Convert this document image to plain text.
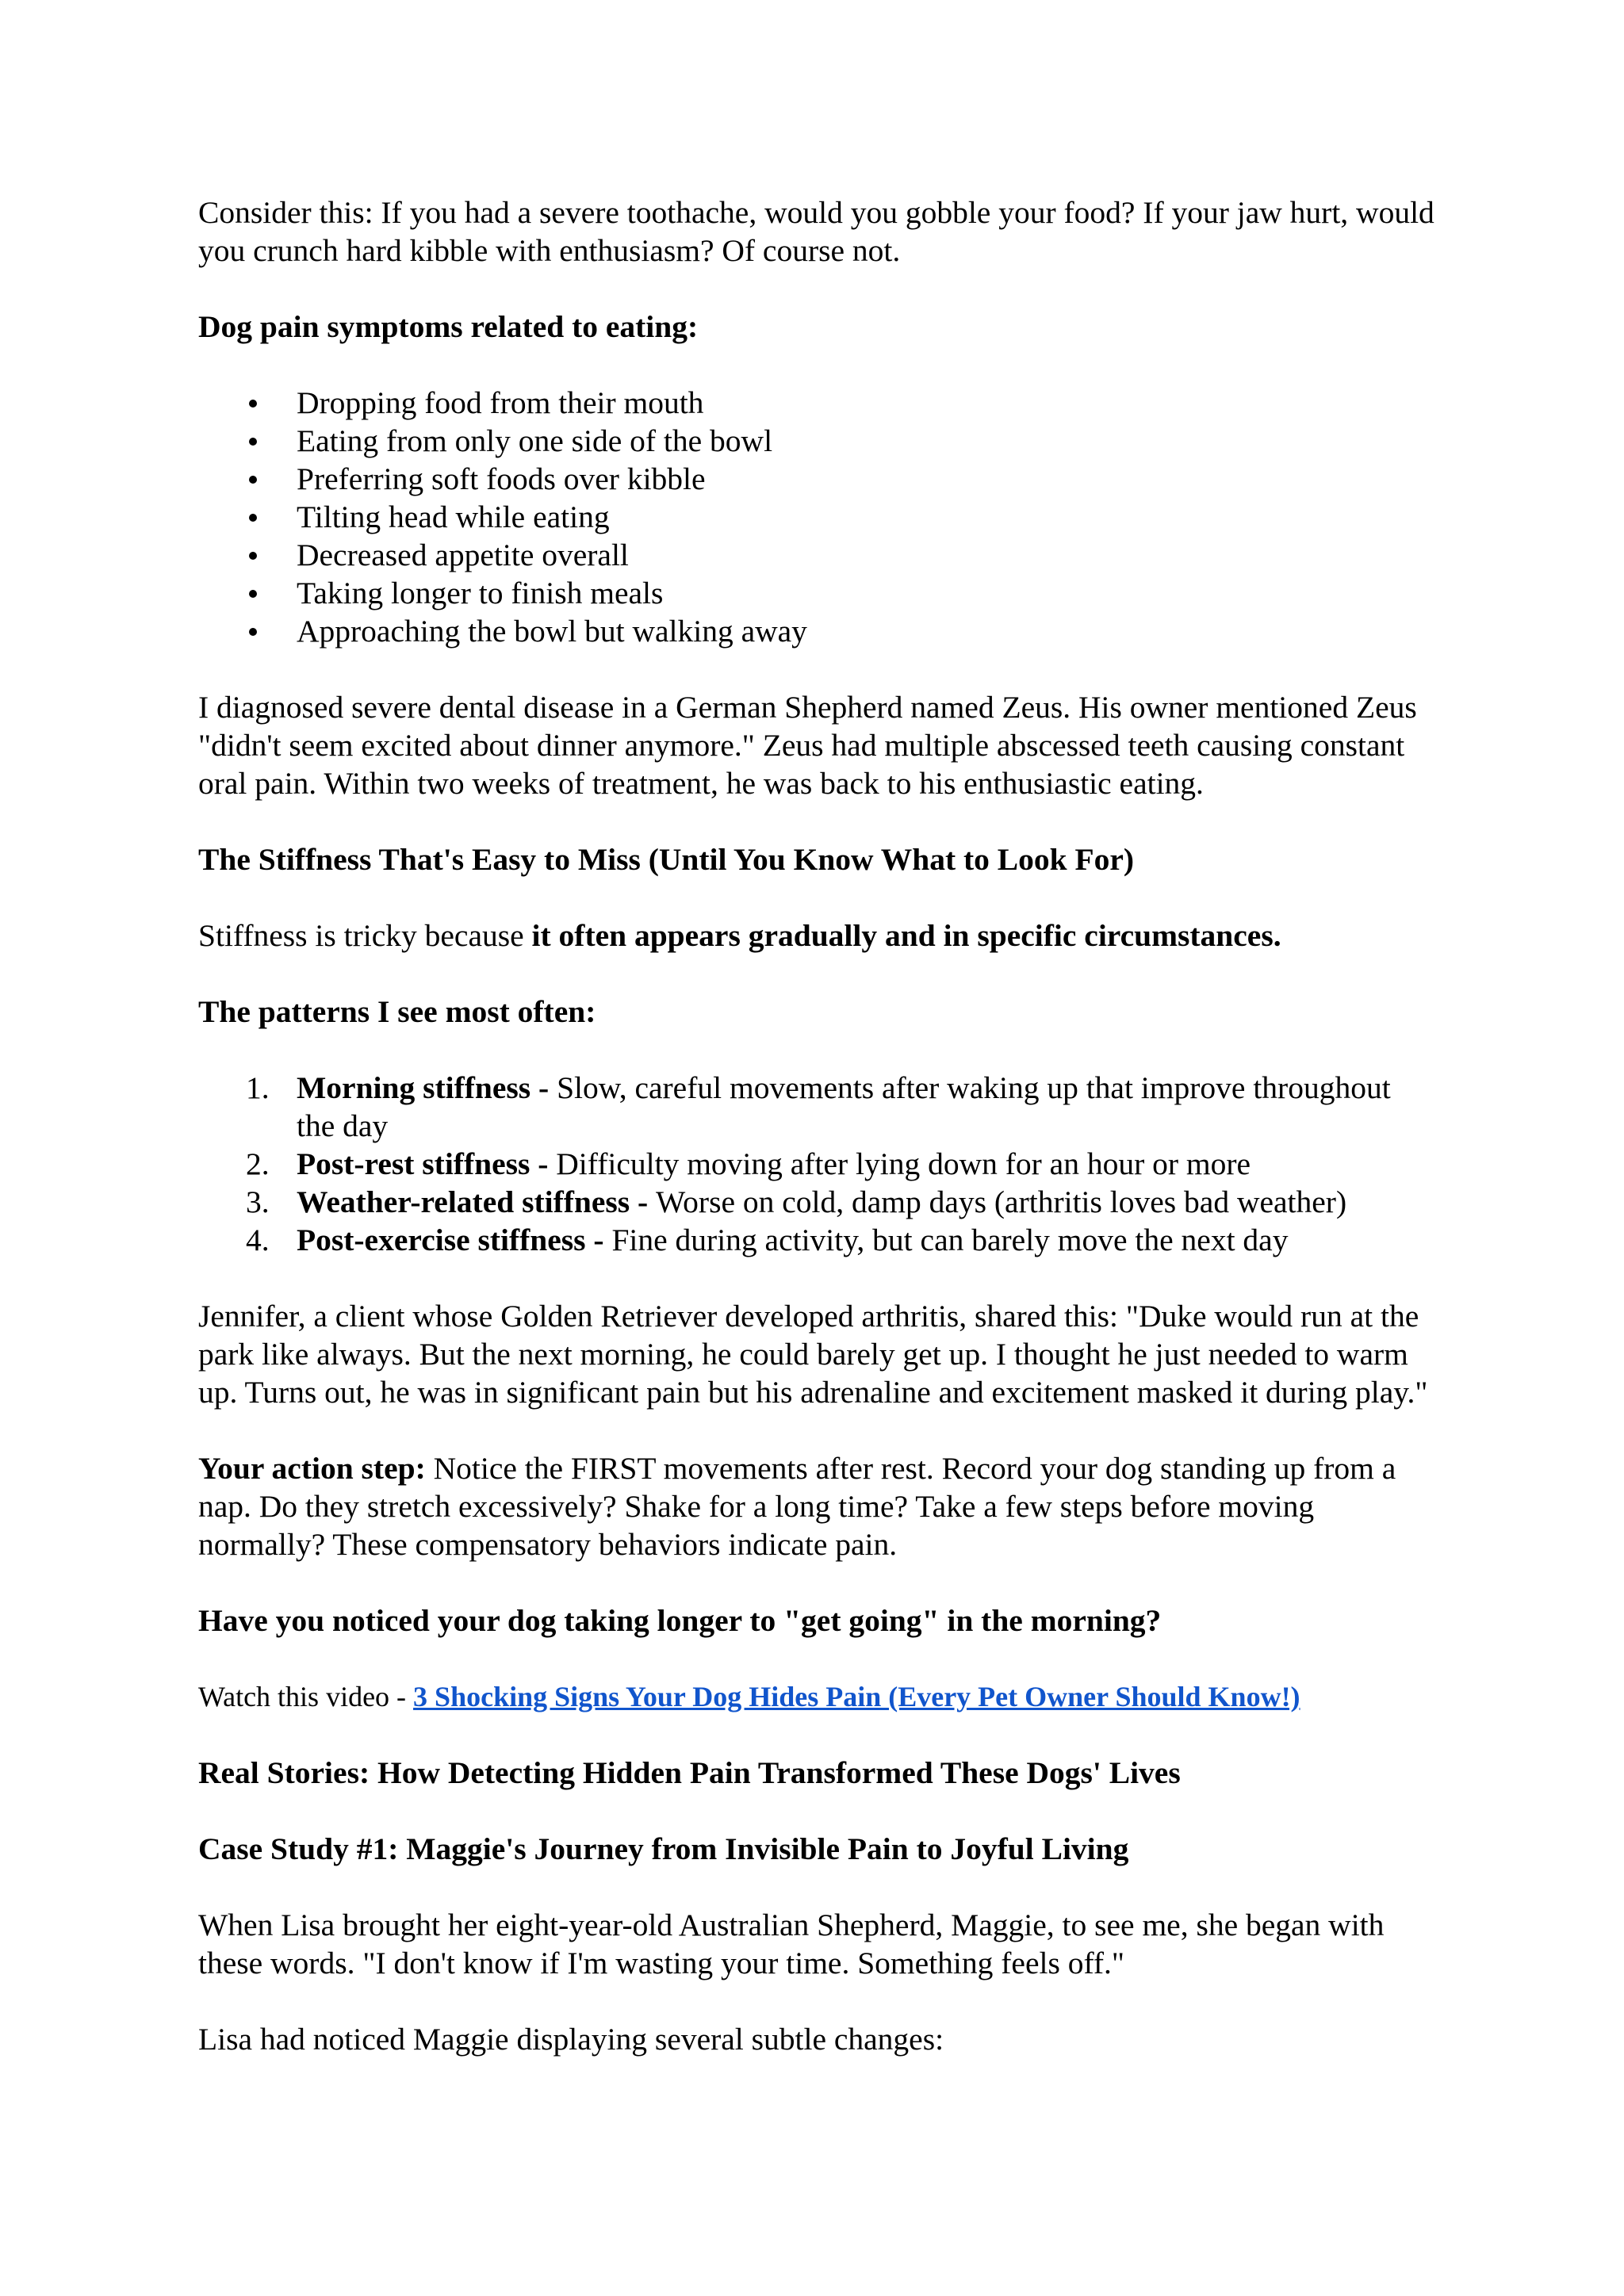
Consider this: If you had a severe toothache, would you gobble your food? If your jaw hurt, would you crunch hard kibble with enthusiasm? Of course not.

Dog pain symptoms related to eating:

Dropping food from their mouth
Eating from only one side of the bowl
Preferring soft foods over kibble
Tilting head while eating
Decreased appetite overall
Taking longer to finish meals
Approaching the bowl but walking away

I diagnosed severe dental disease in a German Shepherd named Zeus. His owner mentioned Zeus "didn't seem excited about dinner anymore." Zeus had multiple abscessed teeth causing constant oral pain. Within two weeks of treatment, he was back to his enthusiastic eating.

The Stiffness That's Easy to Miss (Until You Know What to Look For)

Stiffness is tricky because it often appears gradually and in specific circumstances.

The patterns I see most often:

1. Morning stiffness - Slow, careful movements after waking up that improve throughout the day
2. Post-rest stiffness - Difficulty moving after lying down for an hour or more
3. Weather-related stiffness - Worse on cold, damp days (arthritis loves bad weather)
4. Post-exercise stiffness - Fine during activity, but can barely move the next day

Jennifer, a client whose Golden Retriever developed arthritis, shared this: "Duke would run at the park like always. But the next morning, he could barely get up. I thought he just needed to warm up. Turns out, he was in significant pain but his adrenaline and excitement masked it during play."

Your action step: Notice the FIRST movements after rest. Record your dog standing up from a nap. Do they stretch excessively? Shake for a long time? Take a few steps before moving normally? These compensatory behaviors indicate pain.

Have you noticed your dog taking longer to "get going" in the morning?

Watch this video - 3 Shocking Signs Your Dog Hides Pain (Every Pet Owner Should Know!)

Real Stories: How Detecting Hidden Pain Transformed These Dogs' Lives

Case Study #1: Maggie's Journey from Invisible Pain to Joyful Living

When Lisa brought her eight-year-old Australian Shepherd, Maggie, to see me, she began with these words. "I don't know if I'm wasting your time. Something feels off."

Lisa had noticed Maggie displaying several subtle changes:
